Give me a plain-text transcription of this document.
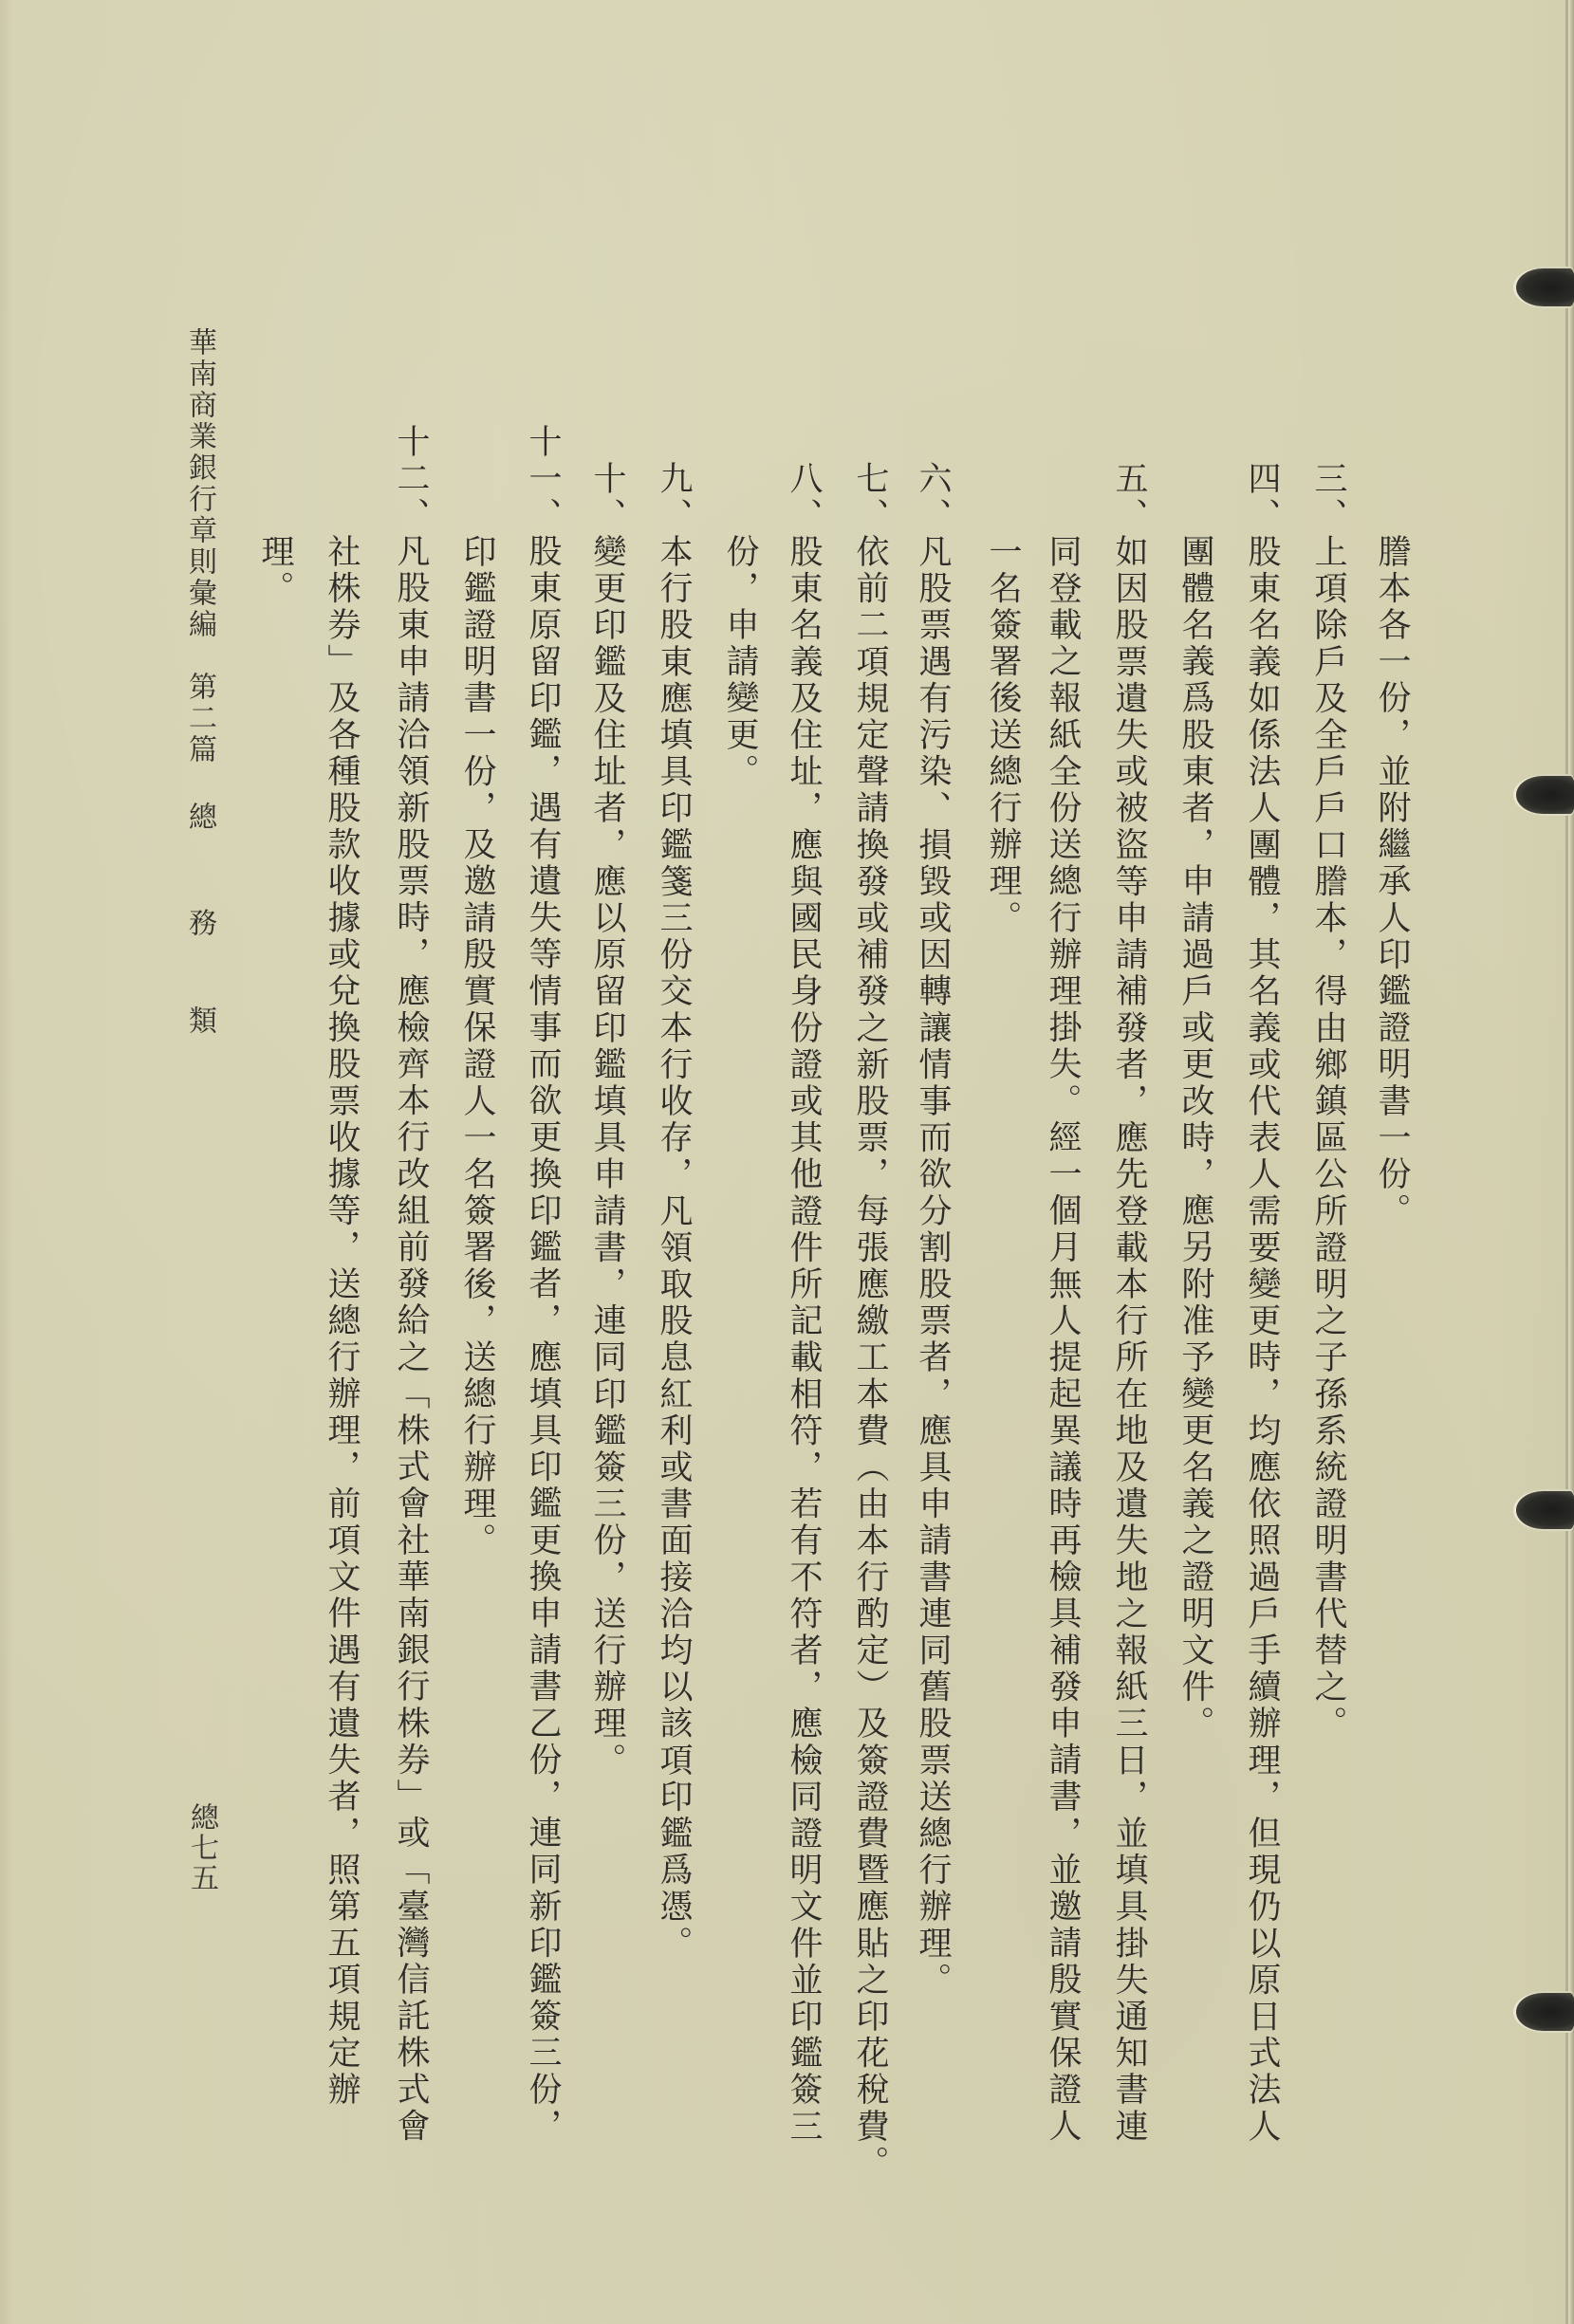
謄本各一份，並附繼承人印鑑證明書一份。
三、上項除戶及全戶戶口謄本，得由鄉鎮區公所證明之子孫系統證明書代替之。
四、股東名義如係法人團體，其名義或代表人需要變更時，均應依照過戶手續辦理，但現仍以原日式法人
團體名義爲股東者，申請過戶或更改時，應另附准予變更名義之證明文件。
五、如因股票遺失或被盜等申請補發者，應先登載本行所在地及遺失地之報紙三日，並填具掛失通知書連
同登載之報紙全份送總行辦理掛失。經一個月無人提起異議時再檢具補發申請書，並邀請殷實保證人
一名簽署後送總行辦理。
六、凡股票遇有污染、損毀或因轉讓情事而欲分割股票者，應具申請書連同舊股票送總行辦理。
七、依前二項規定聲請換發或補發之新股票，每張應繳工本費（由本行酌定）及簽證費暨應貼之印花稅費。
八、股東名義及住址，應與國民身份證或其他證件所記載相符，若有不符者，應檢同證明文件並印鑑簽三
份，申請變更。
九、本行股東應填具印鑑箋三份交本行收存，凡領取股息紅利或書面接洽均以該項印鑑爲憑。
十、變更印鑑及住址者，應以原留印鑑填具申請書，連同印鑑簽三份，送行辦理。
十一、股東原留印鑑，遇有遺失等情事而欲更換印鑑者，應填具印鑑更換申請書乙份，連同新印鑑簽三份，
印鑑證明書一份，及邀請殷實保證人一名簽署後，送總行辦理。
十二、凡股東申請洽領新股票時，應檢齊本行改組前發給之「株式會社華南銀行株券」或「臺灣信託株式會
社株券」及各種股款收據或兌換股票收據等，送總行辦理，前項文件遇有遺失者，照第五項規定辦
理。
華南商業銀行章則彙編
第二篇
總
務
類
總七五
